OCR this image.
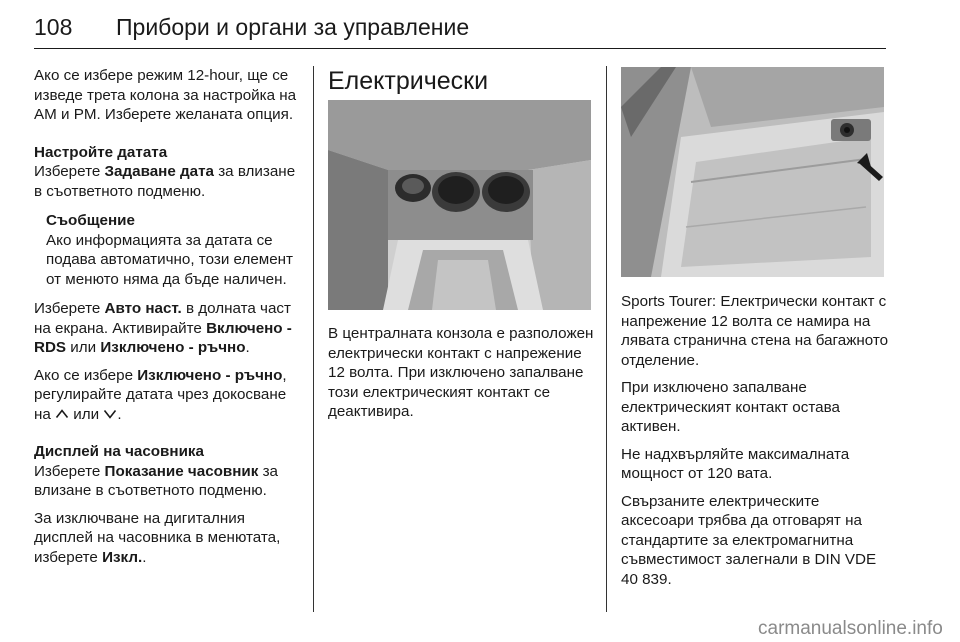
108 Прибори и органи за управление

Ако се избере режим 12-hour, ще се изведе трета колона за настройка на AM и PM. Изберете желаната опция.

Настройте датата

Изберете Задаване дата за влизане в съответното подменю.

Съобщение

Ако информацията за датата се подава автоматично, този елемент от менюто няма да бъде наличен.

Изберете Авто наст. в долната част на екрана. Активирайте Включено - RDS или Изключено - ръчно.

Ако се избере Изключено - ръчно, регулирайте датата чрез докосване на
или
.

Дисплей на часовника

Изберете Показание часовник за влизане в съответното подменю.

За изключване на дигиталния дисплей на часовника в менютата, изберете Изкл..

Електрически

В централната конзола е разположен електрически контакт с напрежение 12 волта. При изключено запалване този електрическият контакт се деактивира.

Sports Tourer: Електрически контакт с напрежение 12 волта се намира на лявата странична стена на багажното отделение.

При изключено запалване електрическият контакт остава активен.

Не надхвърляйте максималната мощност от 120 вата.

Свързаните електрическите аксесоари трябва да отговарят на стандартите за електромагнитна съвместимост залегнали в DIN VDE 40 839.

carmanualsonline.info
